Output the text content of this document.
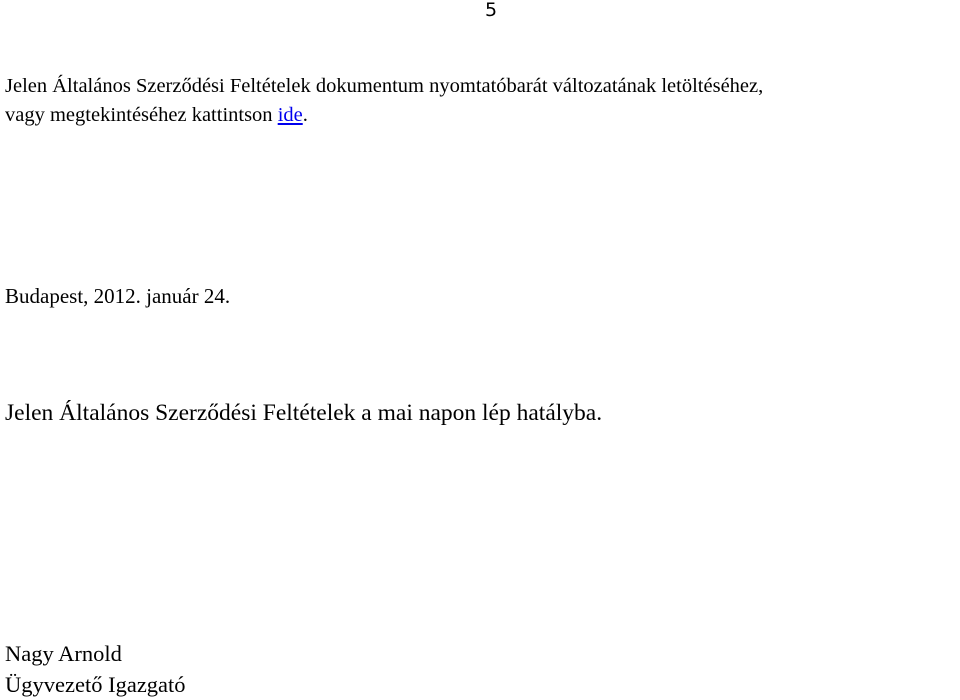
5

Jelen Általános Szerződési Feltételek dokumentum nyomtatóbarát változatának letöltéséhez,
vagy megtekintéséhez kattintson ide.

Budapest, 2012. január 24.

Jelen Általános Szerződési Feltételek a mai napon lép hatályba.

Nagy Arnold
Ügyvezető Igazgató
